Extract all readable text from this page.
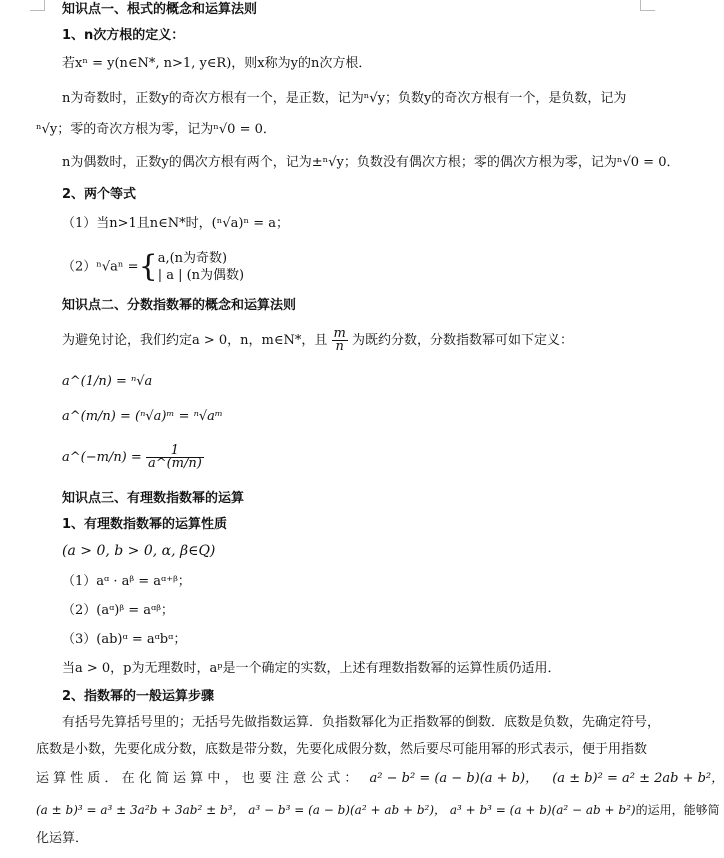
知识点一、根式的概念和运算法则
1、n次方根的定义：
若xⁿ = y(n∈N*, n>1, y∈R)，则x称为y的n次方根．
n为奇数时，正数y的奇次方根有一个，是正数，记为ⁿ√y；负数y的奇次方根有一个，是负数，记为
ⁿ√y；零的奇次方根为零，记为ⁿ√0 = 0．
n为偶数时，正数y的偶次方根有两个，记为±ⁿ√y；负数没有偶次方根；零的偶次方根为零，记为ⁿ√0 = 0．
2、两个等式
（1）当n>1且n∈N*时，(ⁿ√a)ⁿ = a；
（2）ⁿ√aⁿ ={ a,(n为奇数)
| a | (n为偶数)
知识点二、分数指数幂的概念和运算法则
为避免讨论，我们约定a > 0，n，m∈N*，且 $\frac{m}{n}$ 为既约分数，分数指数幂可如下定义：
a^(1/n) = ⁿ√a
a^(m/n) = (ⁿ√a)ᵐ = ⁿ√aᵐ
a^(−m/n) = $\frac{1}{a\^{}(m/n)}$
知识点三、有理数指数幂的运算
1、有理数指数幂的运算性质
(a > 0, b > 0, α, β∈Q)
（1）aᵅ · aᵝ = aᵅ⁺ᵝ；
（2）(aᵅ)ᵝ = aᵅᵝ；
（3）(ab)ᵅ = aᵅbᵅ；
当a > 0，p为无理数时，aᵖ是一个确定的实数，上述有理数指数幂的运算性质仍适用．
2、指数幂的一般运算步骤
有括号先算括号里的；无括号先做指数运算．负指数幂化为正指数幂的倒数．底数是负数，先确定符号，
底数是小数，先要化成分数，底数是带分数，先要化成假分数，然后要尽可能用幂的形式表示，便于用指数
运 算 性 质 ． 在 化 简 运 算 中 ， 也 要 注 意 公 式 ： a² − b² = (a − b)(a + b)， (a ± b)² = a² ± 2ab + b²，
(a ± b)³ = a³ ± 3a²b + 3ab² ± b³， a³ − b³ = (a − b)(a² + ab + b²)， a³ + b³ = (a + b)(a² − ab + b²)的运用，能够简
化运算．
